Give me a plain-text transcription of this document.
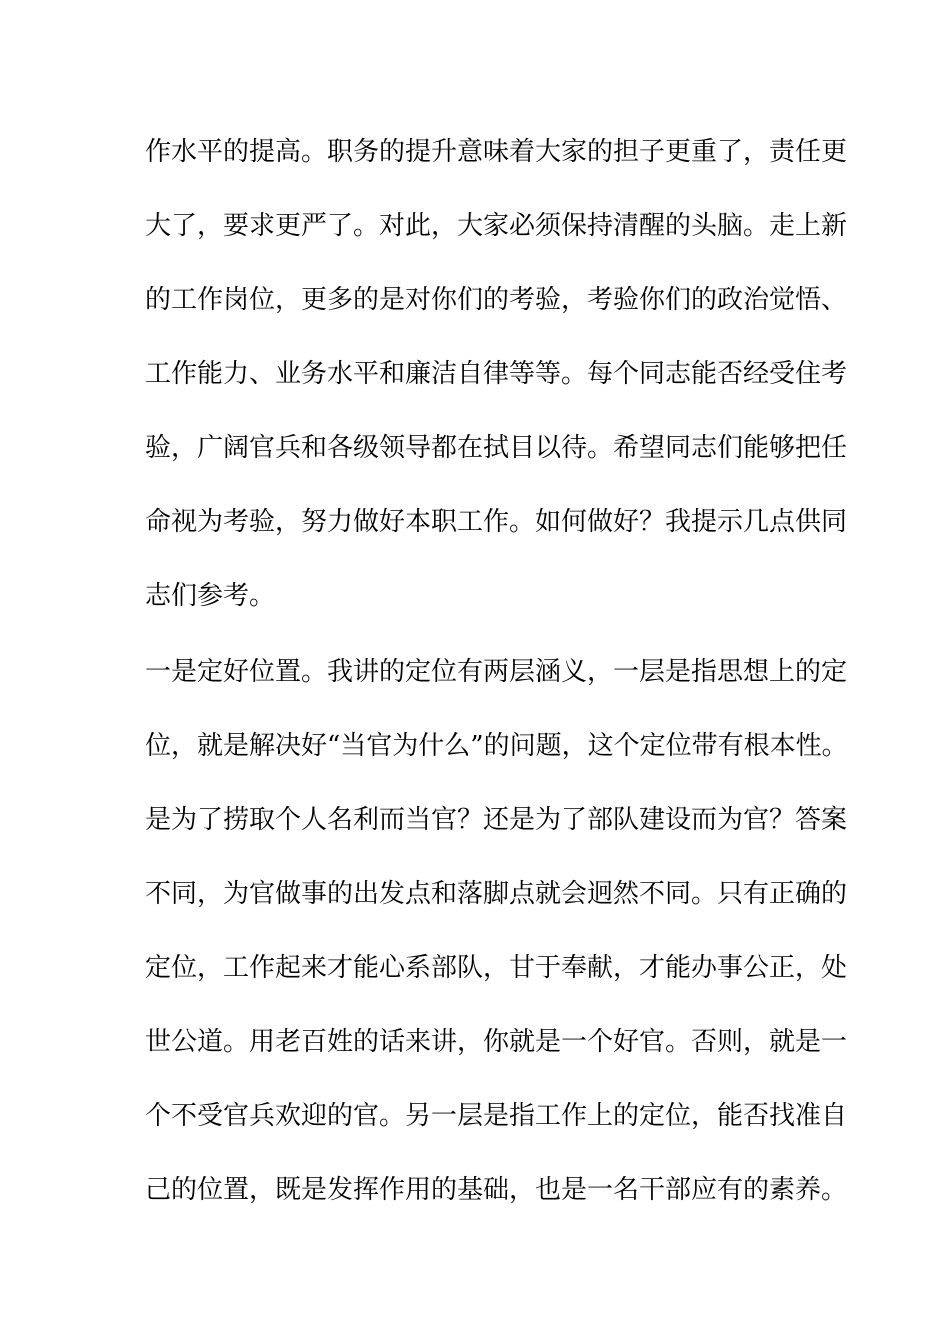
作水平的提高。职务的提升意味着大家的担子更重了，责任更
大了，要求更严了。对此，大家必须保持清醒的头脑。走上新
的工作岗位，更多的是对你们的考验，考验你们的政治觉悟、
工作能力、业务水平和廉洁自律等等。每个同志能否经受住考
验，广阔官兵和各级领导都在拭目以待。希望同志们能够把任
命视为考验，努力做好本职工作。如何做好？我提示几点供同
志们参考。
一是定好位置。我讲的定位有两层涵义，一层是指思想上的定
位，就是解决好“当官为什么”的问题，这个定位带有根本性。
是为了捞取个人名利而当官？还是为了部队建设而为官？答案
不同，为官做事的出发点和落脚点就会迥然不同。只有正确的
定位，工作起来才能心系部队，甘于奉献，才能办事公正，处
世公道。用老百姓的话来讲，你就是一个好官。否则，就是一
个不受官兵欢迎的官。另一层是指工作上的定位，能否找准自
己的位置，既是发挥作用的基础，也是一名干部应有的素养。
